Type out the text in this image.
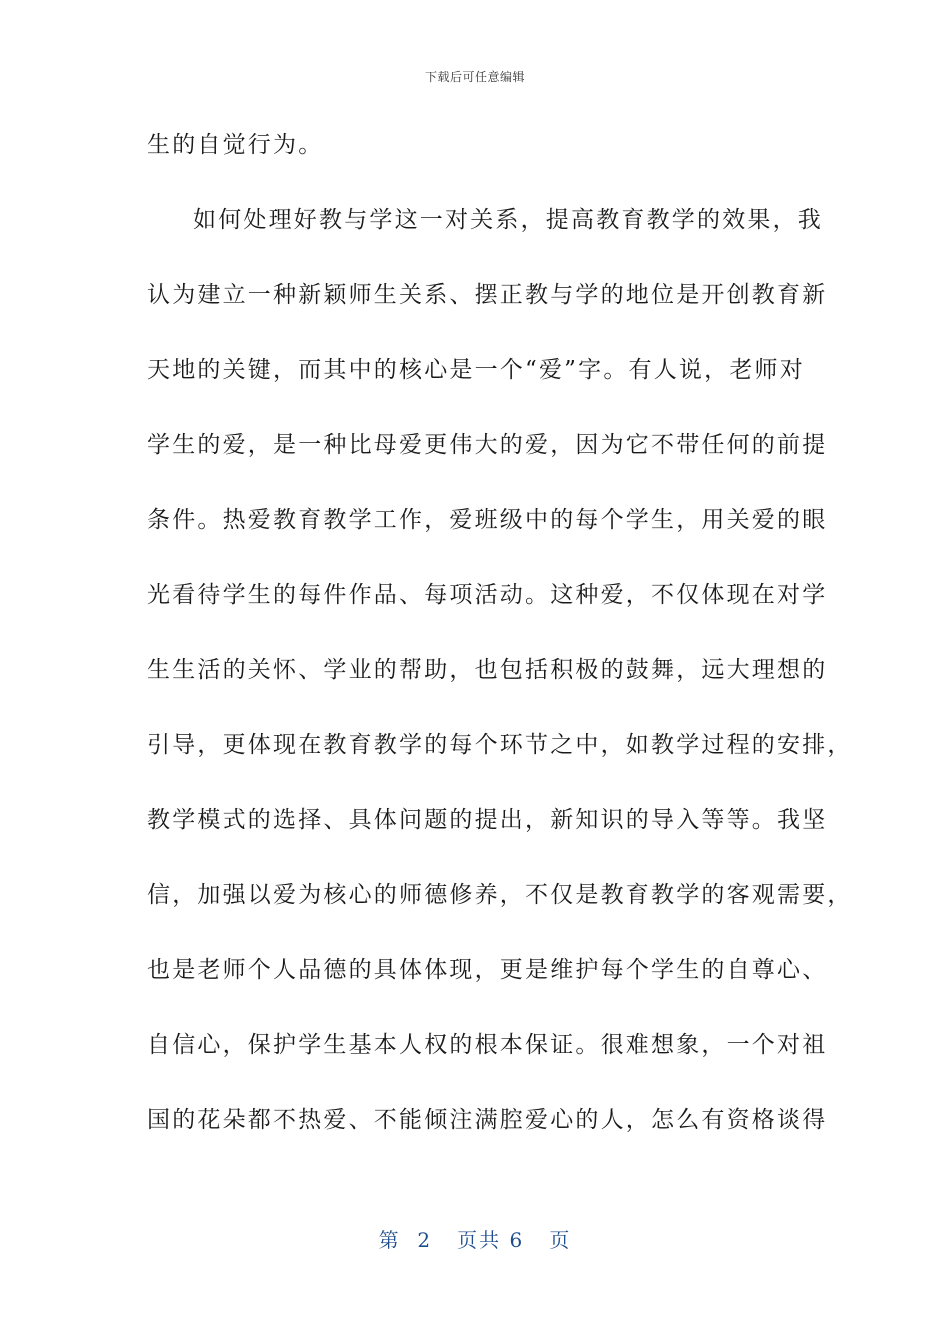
下载后可任意编辑
生的自觉行为。
如何处理好教与学这一对关系，提高教育教学的效果，我
认为建立一种新颖师生关系、摆正教与学的地位是开创教育新
天地的关键，而其中的核心是一个“爱”字。有人说，老师对
学生的爱，是一种比母爱更伟大的爱，因为它不带任何的前提
条件。热爱教育教学工作，爱班级中的每个学生，用关爱的眼
光看待学生的每件作品、每项活动。这种爱，不仅体现在对学
生生活的关怀、学业的帮助，也包括积极的鼓舞，远大理想的
引导，更体现在教育教学的每个环节之中，如教学过程的安排，
教学模式的选择、具体问题的提出，新知识的导入等等。我坚
信，加强以爱为核心的师德修养，不仅是教育教学的客观需要，
也是老师个人品德的具体体现，更是维护每个学生的自尊心、
自信心，保护学生基本人权的根本保证。很难想象，一个对祖
国的花朵都不热爱、不能倾注满腔爱心的人，怎么有资格谈得
第 2 页共 6 页
